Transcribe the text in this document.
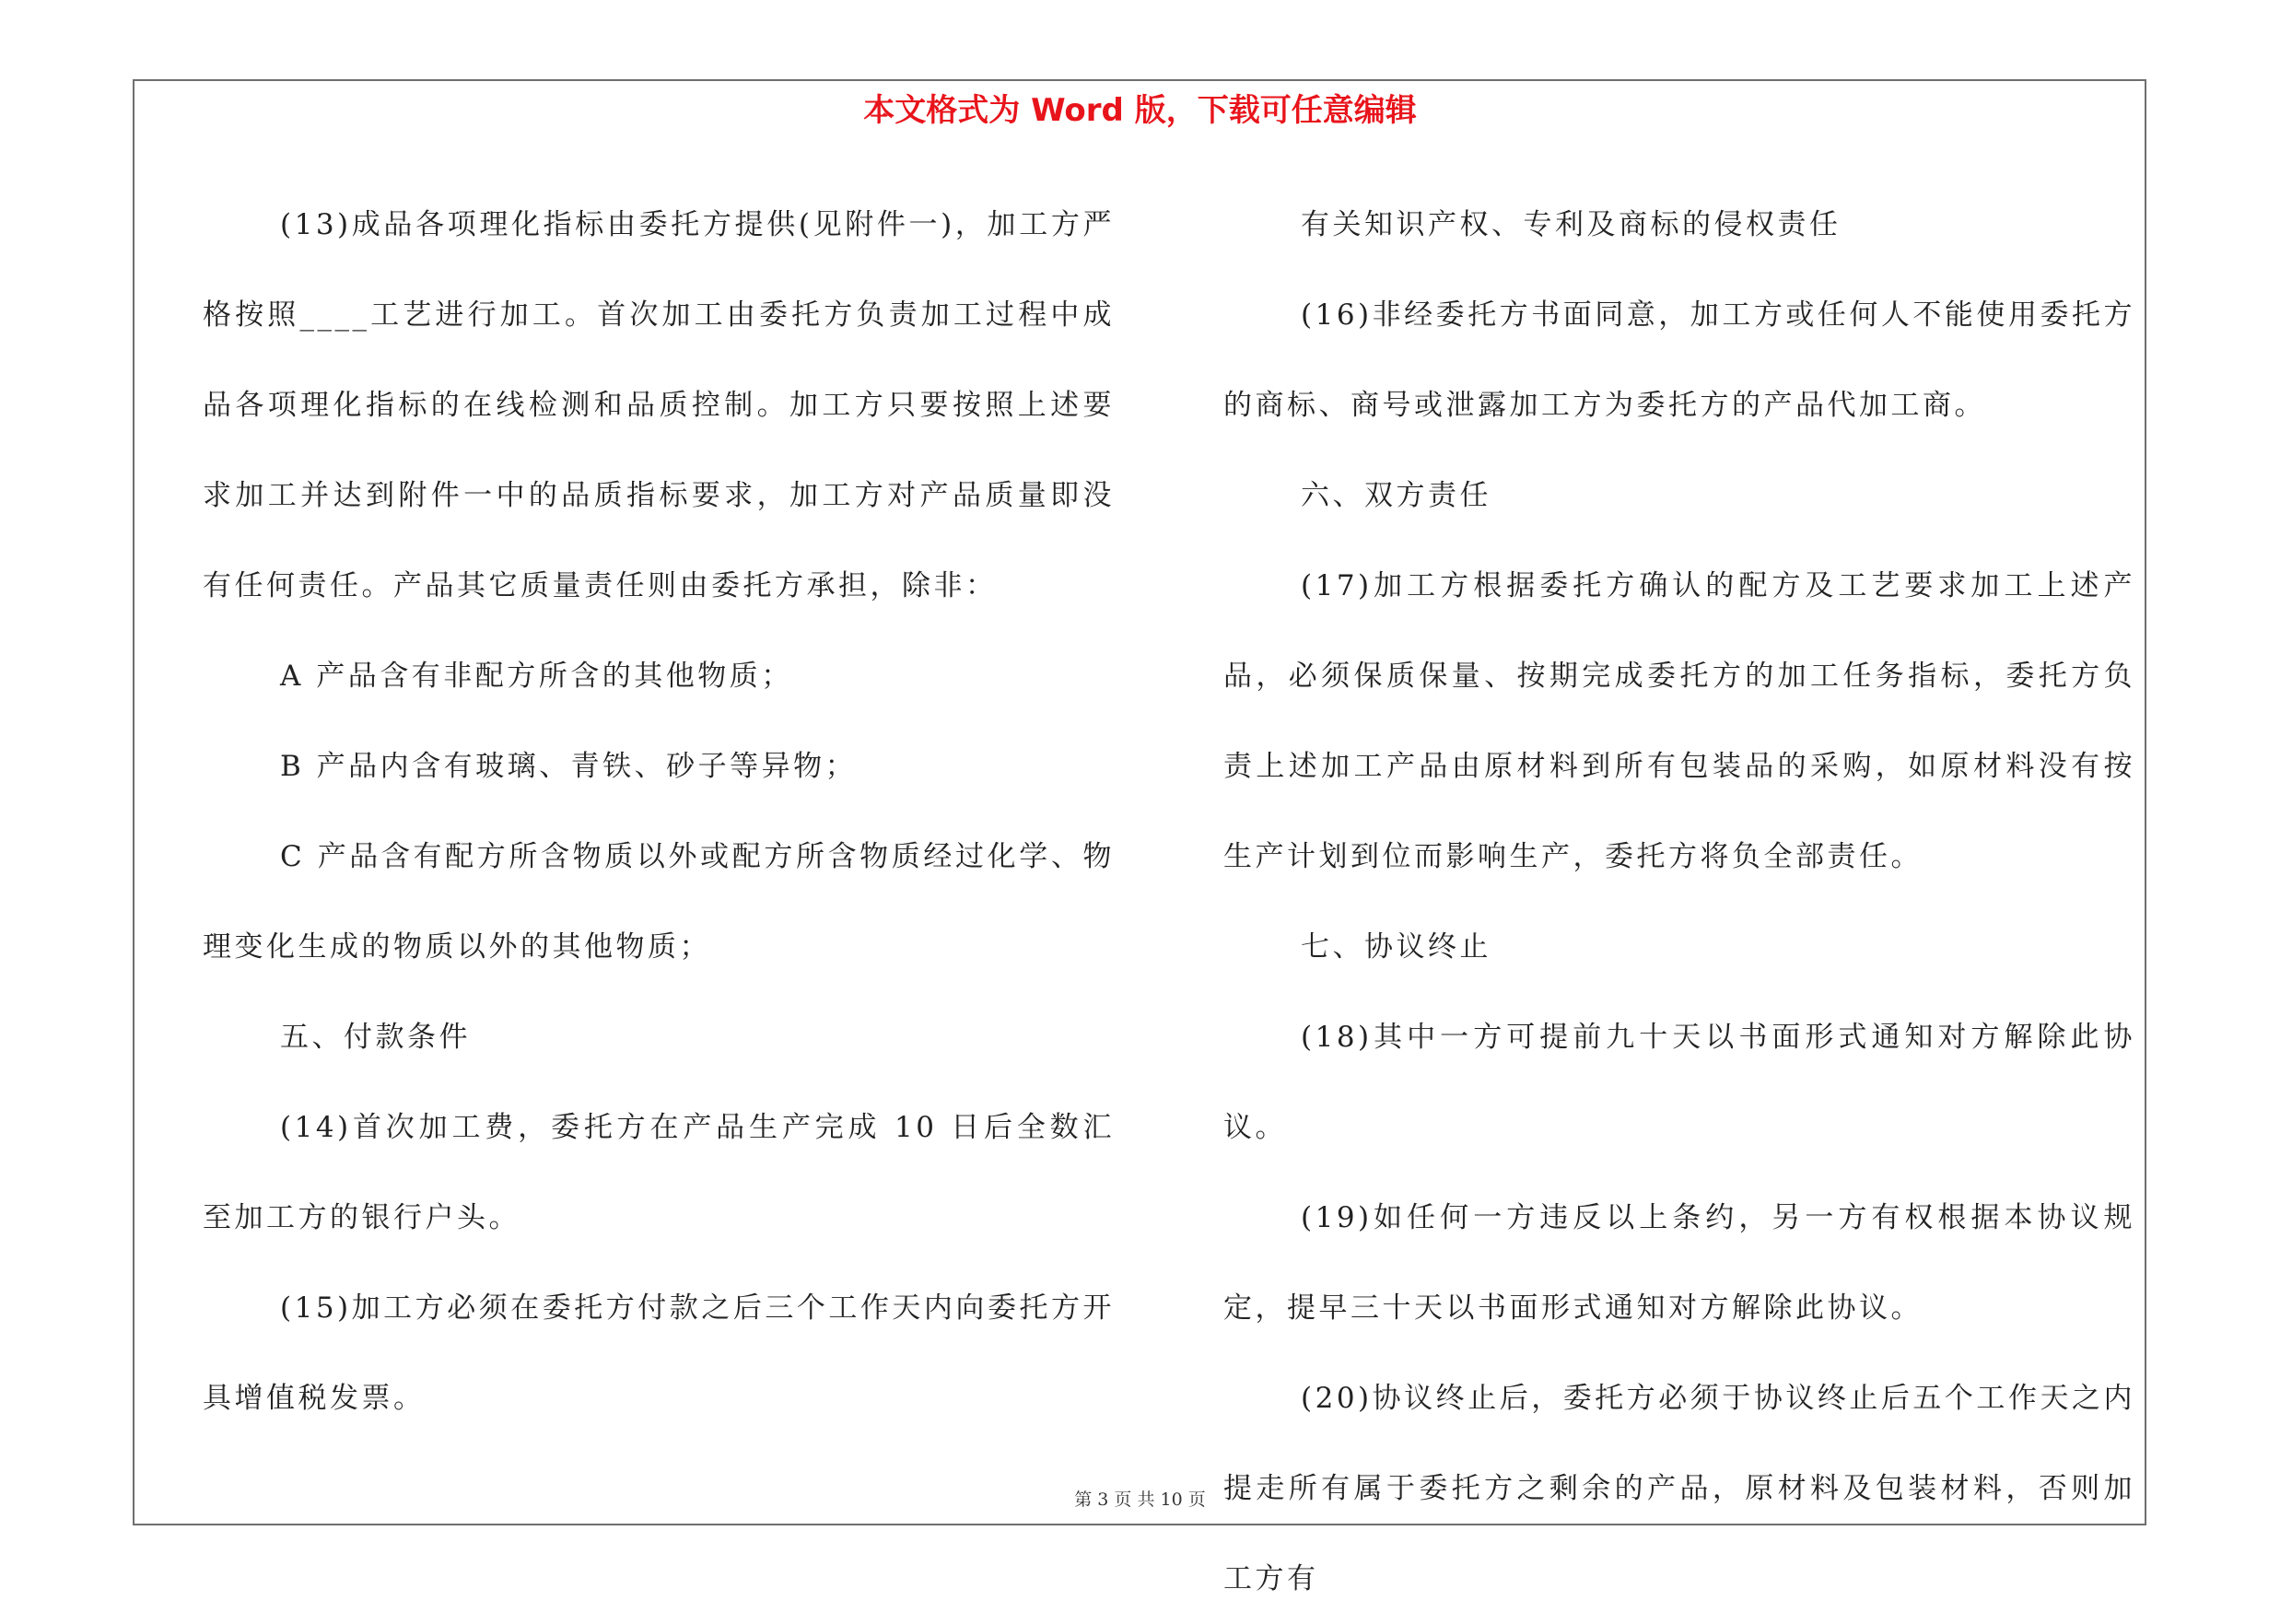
本文格式为 Word 版，下载可任意编辑

(13)成品各项理化指标由委托方提供(见附件一)，加工方严格按照____工艺进行加工。首次加工由委托方负责加工过程中成品各项理化指标的在线检测和品质控制。加工方只要按照上述要求加工并达到附件一中的品质指标要求，加工方对产品质量即没有任何责任。产品其它质量责任则由委托方承担，除非：

A 产品含有非配方所含的其他物质；

B 产品内含有玻璃、青铁、砂子等异物；

C 产品含有配方所含物质以外或配方所含物质经过化学、物理变化生成的物质以外的其他物质；

五、付款条件

(14)首次加工费，委托方在产品生产完成 10 日后全数汇至加工方的银行户头。

(15)加工方必须在委托方付款之后三个工作天内向委托方开具增值税发票。

有关知识产权、专利及商标的侵权责任

(16)非经委托方书面同意，加工方或任何人不能使用委托方的商标、商号或泄露加工方为委托方的产品代加工商。

六、双方责任

(17)加工方根据委托方确认的配方及工艺要求加工上述产品，必须保质保量、按期完成委托方的加工任务指标，委托方负责上述加工产品由原材料到所有包装品的采购，如原材料没有按生产计划到位而影响生产，委托方将负全部责任。

七、协议终止

(18)其中一方可提前九十天以书面形式通知对方解除此协议。

(19)如任何一方违反以上条约，另一方有权根据本协议规定，提早三十天以书面形式通知对方解除此协议。

(20)协议终止后，委托方必须于协议终止后五个工作天之内提走所有属于委托方之剩余的产品，原材料及包装材料，否则加工方有

第 3 页 共 10 页
